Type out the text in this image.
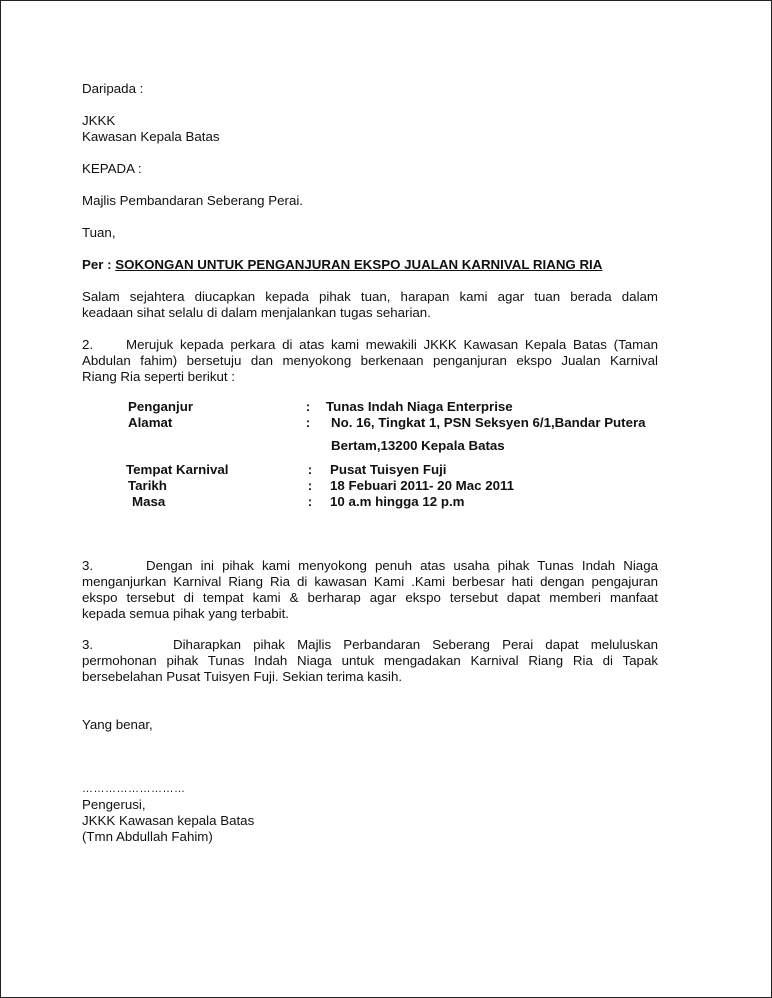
Daripada :
JKKK
Kawasan Kepala Batas
KEPADA :
Majlis Pembandaran Seberang Perai.
Tuan,
Per : SOKONGAN UNTUK PENGANJURAN EKSPO JUALAN KARNIVAL RIANG RIA
Salam sejahtera diucapkan kepada pihak tuan, harapan kami agar tuan berada dalam
keadaan sihat selalu di dalam menjalankan tugas seharian.
2. Merujuk kepada perkara di atas kami mewakili JKKK Kawasan Kepala Batas (Taman
Abdulan fahim) bersetuju dan menyokong berkenaan penganjuran ekspo Jualan Karnival
Riang Ria seperti berikut :
Penganjur	: Tunas Indah Niaga Enterprise
Alamat	: No. 16, Tingkat 1, PSN Seksyen 6/1,Bandar Putera
Bertam,13200 Kepala Batas
Tempat Karnival	: Pusat Tuisyen Fuji
Tarikh	: 18 Febuari 2011- 20 Mac 2011
Masa	: 10 a.m hingga 12 p.m
3.	Dengan ini pihak kami menyokong penuh atas usaha pihak Tunas Indah Niaga
menganjurkan Karnival Riang Ria di kawasan Kami .Kami berbesar hati dengan pengajuran
ekspo tersebut di tempat kami & berharap agar ekspo tersebut dapat memberi manfaat
kepada semua pihak yang terbabit.
3.	Diharapkan pihak Majlis Perbandaran Seberang Perai dapat meluluskan
permohonan pihak Tunas Indah Niaga untuk mengadakan Karnival Riang Ria di Tapak
bersebelahan Pusat Tuisyen Fuji. Sekian terima kasih.
Yang benar,
………………………
Pengerusi,
JKKK Kawasan kepala Batas
(Tmn Abdullah Fahim)
